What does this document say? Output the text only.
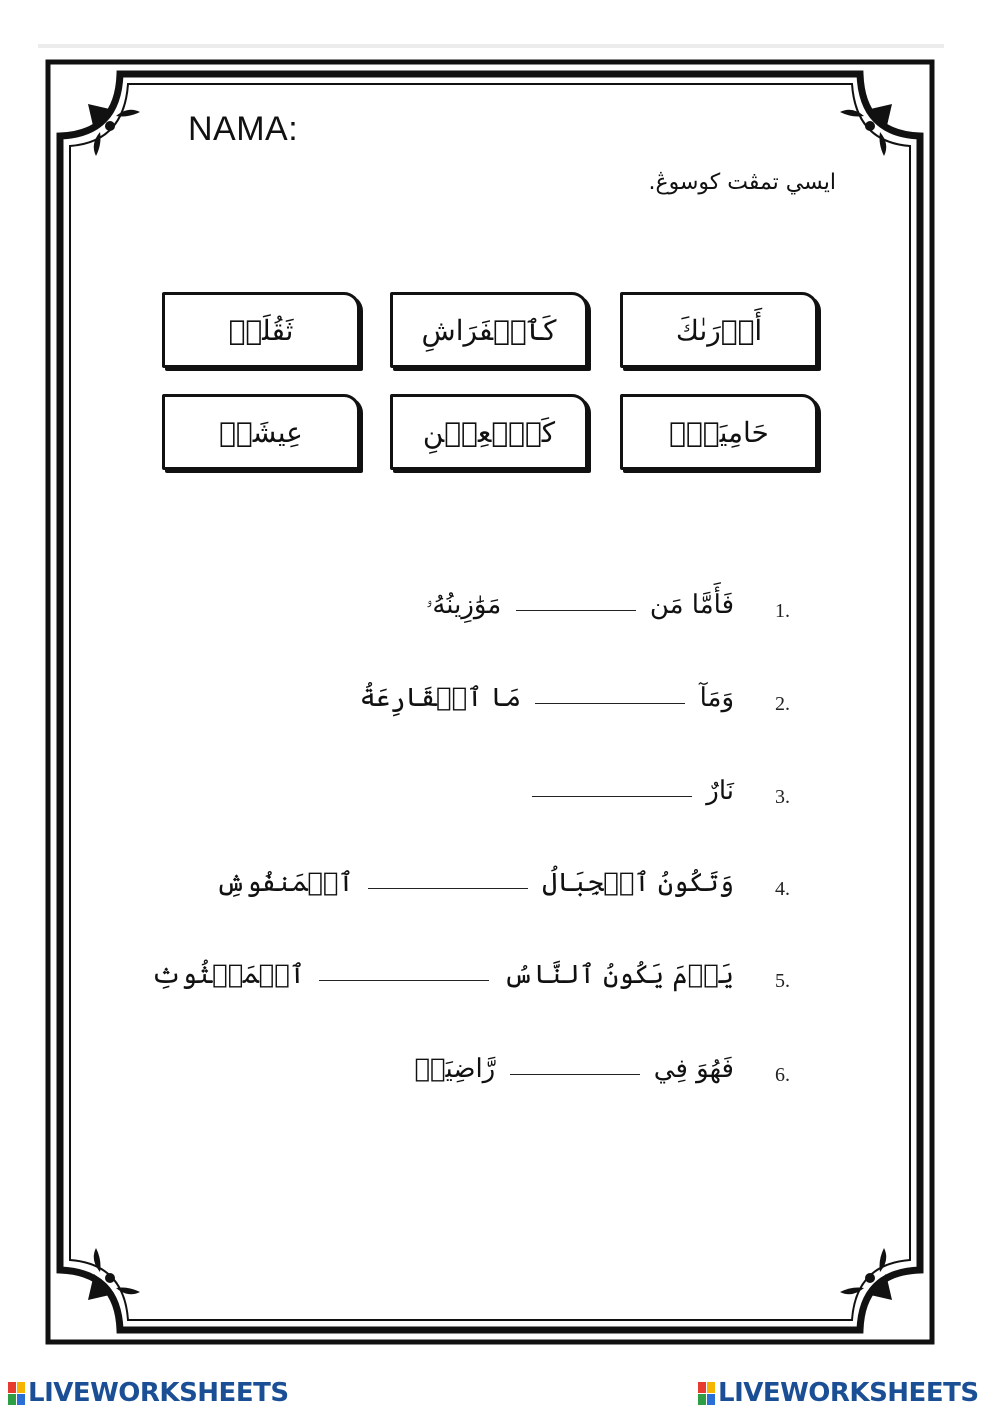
NAMA:
ايسي تمڤت كوسوڠ.
أَدۡرَىٰكَ
كَٱلۡفَرَاشِ
ثَقُلَتۡ
حَامِيَةُۢ
كَٱلۡعِهۡنِ
عِيشَةٖ
1.
فَأَمَّا مَن  مَوَٰزِينُهُۥ
2.
وَمَآ  مَا ٱلۡقَارِعَةُ
3.
نَارٌ
4.
وَتَكُونُ ٱلۡجِبَالُ  ٱلۡمَنفُوشِ
5.
يَوۡمَ يَكُونُ ٱلنَّاسُ  ٱلۡمَبۡثُوثِ
6.
فَهُوَ فِي  رَّاضِيَةٖ
LIVEWORKSHEETS	LIVEWORKSHEETS
